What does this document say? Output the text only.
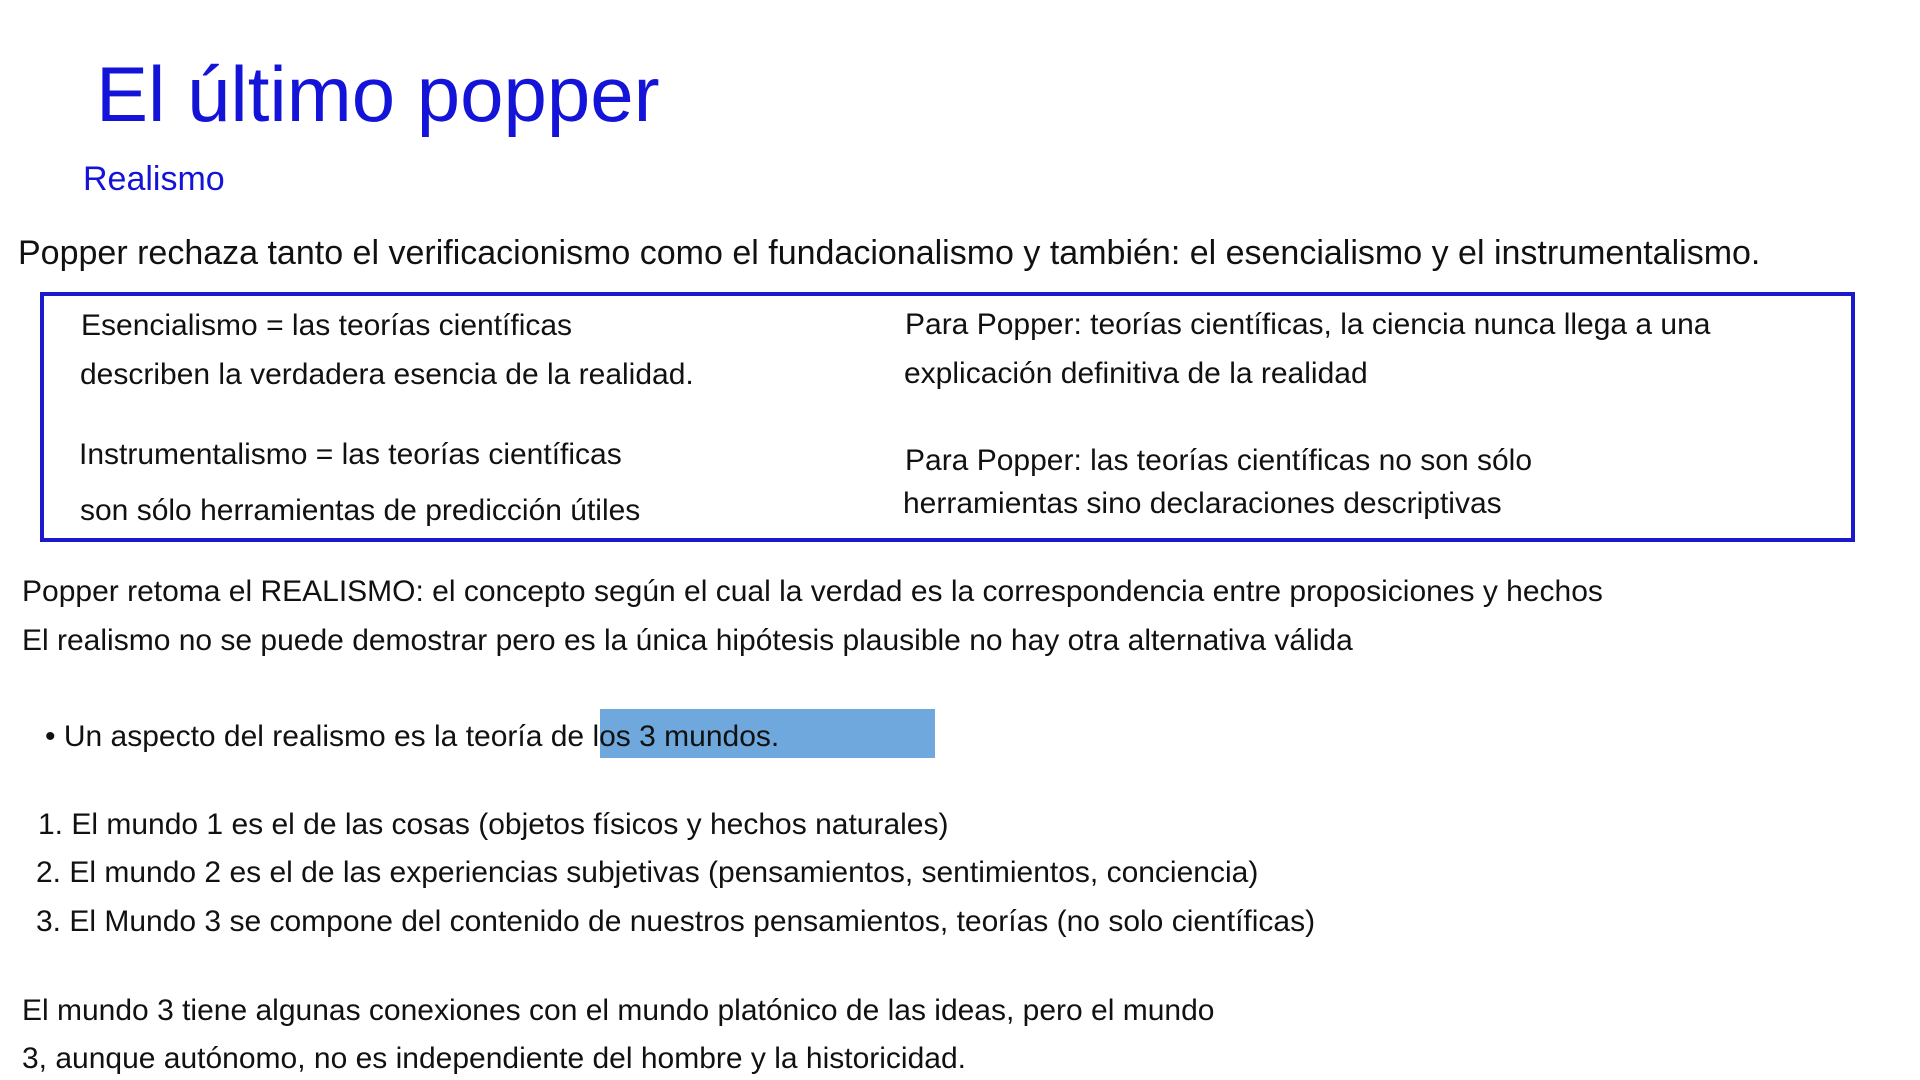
El último popper
Realismo
Popper rechaza tanto el verificacionismo como el fundacionalismo y también: el esencialismo y el instrumentalismo.
Esencialismo = las teorías científicas
describen la verdadera esencia de la realidad.
Instrumentalismo = las teorías científicas
son sólo herramientas de predicción útiles
Para Popper: teorías científicas, la ciencia nunca llega a una
explicación definitiva de la realidad
Para Popper: las teorías científicas no son sólo
herramientas sino declaraciones descriptivas
Popper retoma el REALISMO: el concepto según el cual la verdad es la correspondencia entre proposiciones y hechos
El realismo no se puede demostrar pero es la única hipótesis plausible no hay otra alternativa válida
• Un aspecto del realismo es la teoría de los 3 mundos.
1. El mundo 1 es el de las cosas (objetos físicos y hechos naturales)
2. El mundo 2 es el de las experiencias subjetivas (pensamientos, sentimientos, conciencia)
3. El Mundo 3 se compone del contenido de nuestros pensamientos, teorías (no solo científicas)
El mundo 3 tiene algunas conexiones con el mundo platónico de las ideas, pero el mundo
3, aunque autónomo, no es independiente del hombre y la historicidad.
